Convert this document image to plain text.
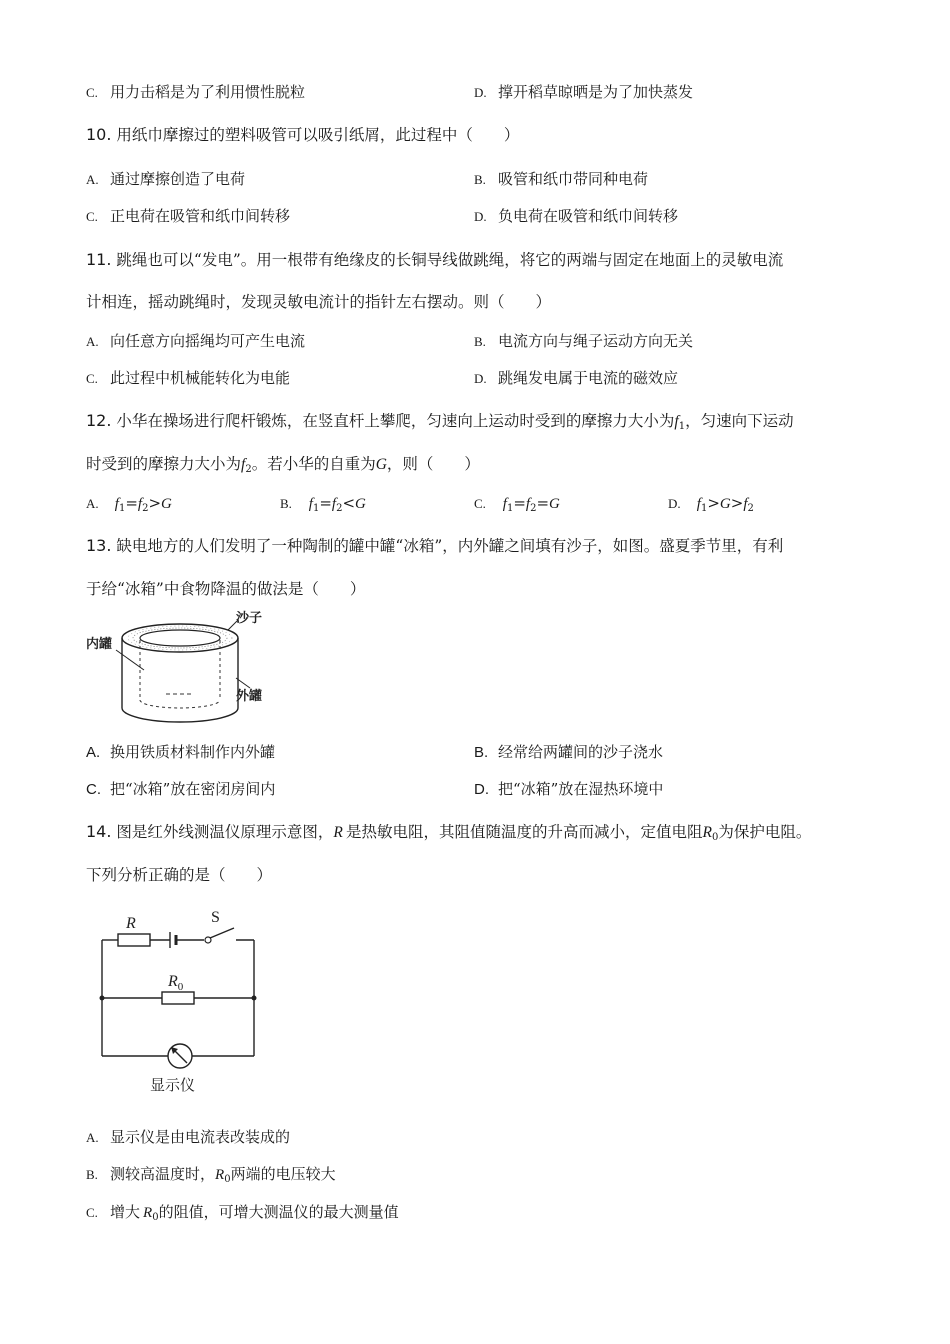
C. 用力击稻是为了利用惯性脱粒	D. 撑开稻草晾晒是为了加快蒸发
10. 用纸巾摩擦过的塑料吸管可以吸引纸屑，此过程中（　　）
A. 通过摩擦创造了电荷	B. 吸管和纸巾带同种电荷
C. 正电荷在吸管和纸巾间转移	D. 负电荷在吸管和纸巾间转移
11. 跳绳也可以“发电”。用一根带有绝缘皮的长铜导线做跳绳，将它的两端与固定在地面上的灵敏电流
计相连，摇动跳绳时，发现灵敏电流计的指针左右摆动。则（　　）
A. 向任意方向摇绳均可产生电流	B. 电流方向与绳子运动方向无关
C. 此过程中机械能转化为电能	D. 跳绳发电属于电流的磁效应
12. 小华在操场进行爬杆锻炼，在竖直杆上攀爬，匀速向上运动时受到的摩擦力大小为$f_1$，匀速向下运动
时受到的摩擦力大小为$f_2$。若小华的自重为G，则（　　）
A. $f_1=f_2>G$	B. $f_1=f_2<G$	C. $f_1=f_2=G$	D. $f_1>G>f_2$
13. 缺电地方的人们发明了一种陶制的罐中罐“冰箱”，内外罐之间填有沙子，如图。盛夏季节里，有利
于给“冰箱”中食物降温的做法是（　　）
沙子
内罐
外罐
A. 换用铁质材料制作内外罐	B. 经常给两罐间的沙子浇水
C. 把“冰箱”放在密闭房间内	D. 把“冰箱”放在湿热环境中
14. 图是红外线测温仪原理示意图，R  是热敏电阻，其阻值随温度的升高而减小，定值电阻$R_0$为保护电阻。
下列分析正确的是（　　）
R	S
$R_0$
显示仪
A. 显示仪是由电流表改装成的
B. 测较高温度时，$R_0$两端的电压较大
C. 增大  $R_0$的阻值，可增大测温仪的最大测量值
